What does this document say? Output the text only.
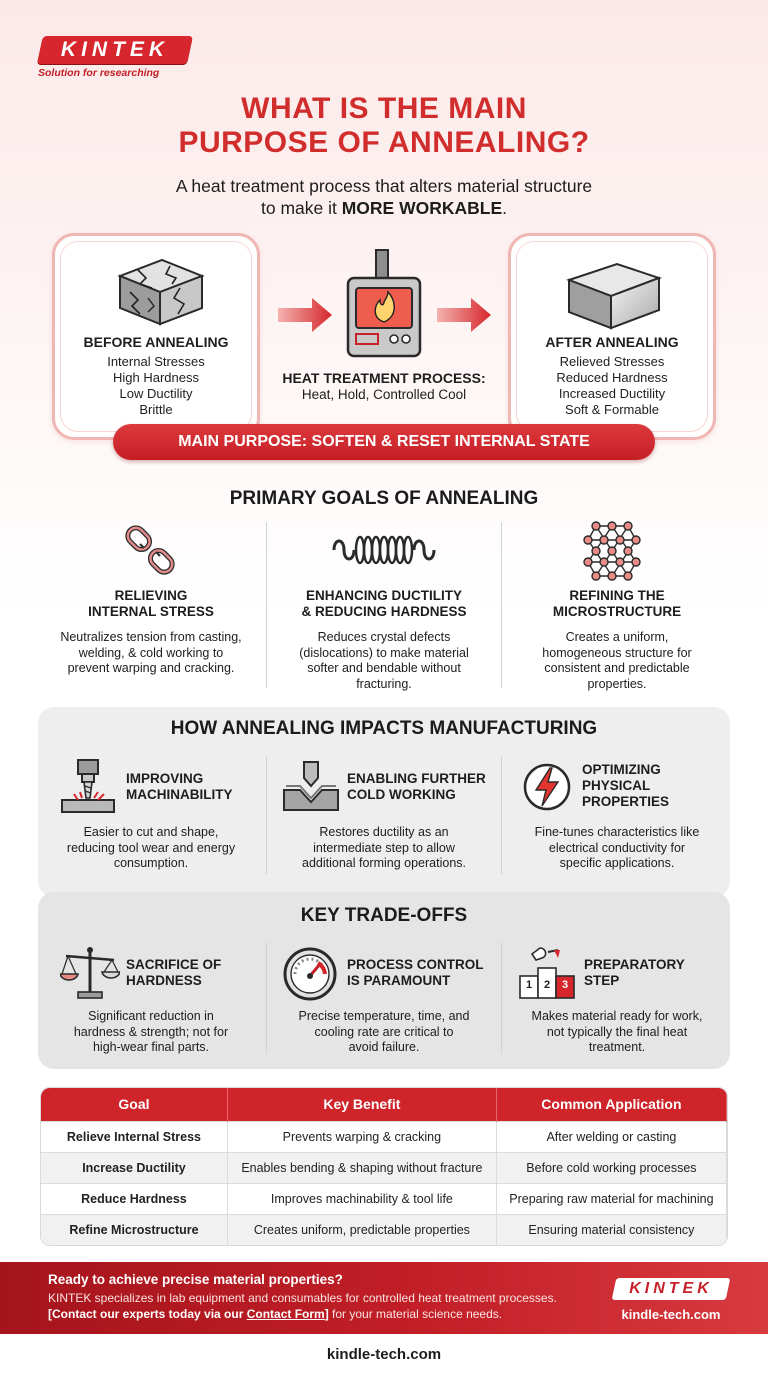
KINTEK
Solution for researching
WHAT IS THE MAIN
PURPOSE OF ANNEALING?
A heat treatment process that alters material structure
to make it MORE WORKABLE.
BEFORE ANNEALING
Internal Stresses
High Hardness
Low Ductility
Brittle
HEAT TREATMENT PROCESS:
Heat, Hold, Controlled Cool
AFTER ANNEALING
Relieved Stresses
Reduced Hardness
Increased Ductility
Soft & Formable
MAIN PURPOSE: SOFTEN & RESET INTERNAL STATE
PRIMARY GOALS OF ANNEALING
RELIEVING
INTERNAL STRESS
Neutralizes tension from casting,
welding, & cold working to
prevent warping and cracking.
ENHANCING DUCTILITY
& REDUCING HARDNESS
Reduces crystal defects
(dislocations) to make material
softer and bendable without
fracturing.
REFINING THE
MICROSTRUCTURE
Creates a uniform,
homogeneous structure for
consistent and predictable
properties.
HOW ANNEALING IMPACTS MANUFACTURING
IMPROVING
MACHINABILITY
Easier to cut and shape,
reducing tool wear and energy
consumption.
ENABLING FURTHER
COLD WORKING
Restores ductility as an
intermediate step to allow
additional forming operations.
OPTIMIZING
PHYSICAL
PROPERTIES
Fine-tunes characteristics like
electrical conductivity for
specific applications.
KEY TRADE-OFFS
SACRIFICE OF
HARDNESS
Significant reduction in
hardness & strength; not for
high-wear final parts.
PROCESS CONTROL
IS PARAMOUNT
Precise temperature, time, and
cooling rate are critical to
avoid failure.
1	2	3
PREPARATORY
STEP
Makes material ready for work,
not typically the final heat
treatment.
Goal	Key Benefit	Common Application
Relieve Internal Stress	Prevents warping & cracking	After welding or casting
Increase Ductility	Enables bending & shaping without fracture	Before cold working processes
Reduce Hardness	Improves machinability & tool life	Preparing raw material for machining
Refine Microstructure	Creates uniform, predictable properties	Ensuring material consistency
Ready to achieve precise material properties?
KINTEK specializes in lab equipment and consumables for controlled heat treatment processes.
[Contact our experts today via our Contact Form] for your material science needs.
KINTEK
kindle-tech.com
kindle-tech.com
